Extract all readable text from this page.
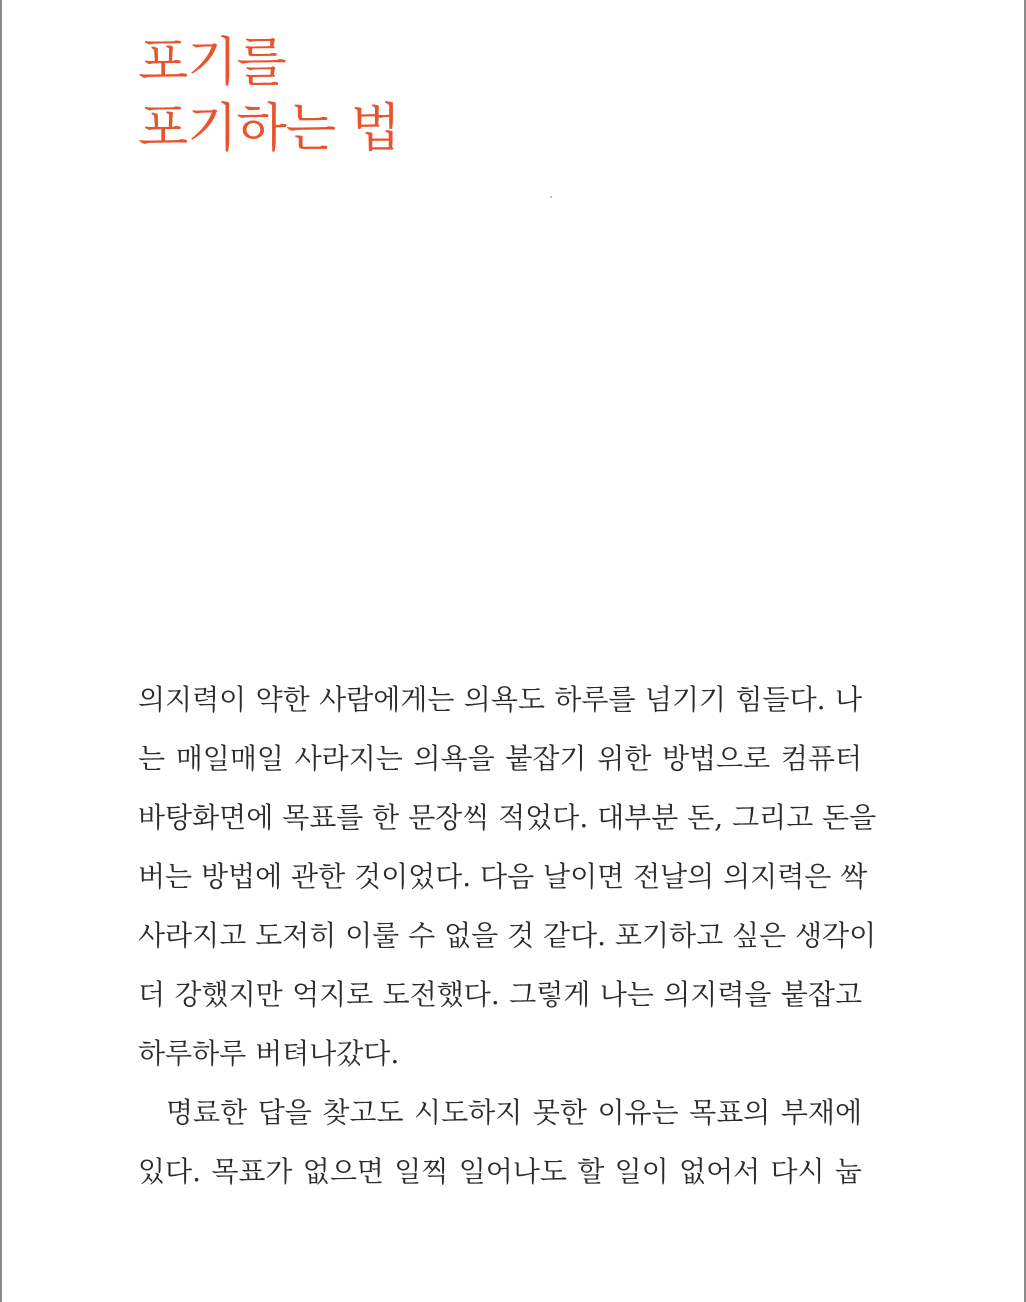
포기를
포기하는 법
의지력이 약한 사람에게는 의욕도 하루를 넘기기 힘들다. 나
는 매일매일 사라지는 의욕을 붙잡기 위한 방법으로 컴퓨터
바탕화면에 목표를 한 문장씩 적었다. 대부분 돈, 그리고 돈을
버는 방법에 관한 것이었다. 다음 날이면 전날의 의지력은 싹
사라지고 도저히 이룰 수 없을 것 같다. 포기하고 싶은 생각이
더 강했지만 억지로 도전했다. 그렇게 나는 의지력을 붙잡고
하루하루 버텨나갔다.
명료한 답을 찾고도 시도하지 못한 이유는 목표의 부재에
있다. 목표가 없으면 일찍 일어나도 할 일이 없어서 다시 눕
